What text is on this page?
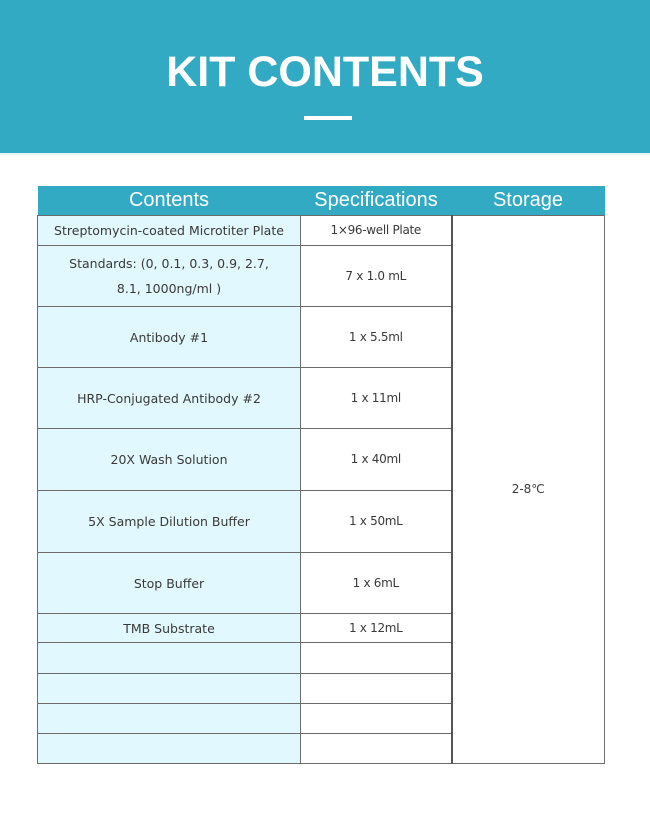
KIT CONTENTS
Contents	Specifications	Storage
Streptomycin-coated Microtiter Plate	1×96-well Plate	2-8℃

Standards: (0, 0.1, 0.3, 0.9, 2.7,
8.1, 1000ng/ml )	7 x 1.0 mL	
Antibody #1	1 x 5.5ml	
HRP-Conjugated Antibody #2	1 x 11ml	
20X Wash Solution	1 x 40ml	
5X Sample Dilution Buffer	1 x 50mL	
Stop Buffer	1 x 6mL	
TMB Substrate	1 x 12mL	
